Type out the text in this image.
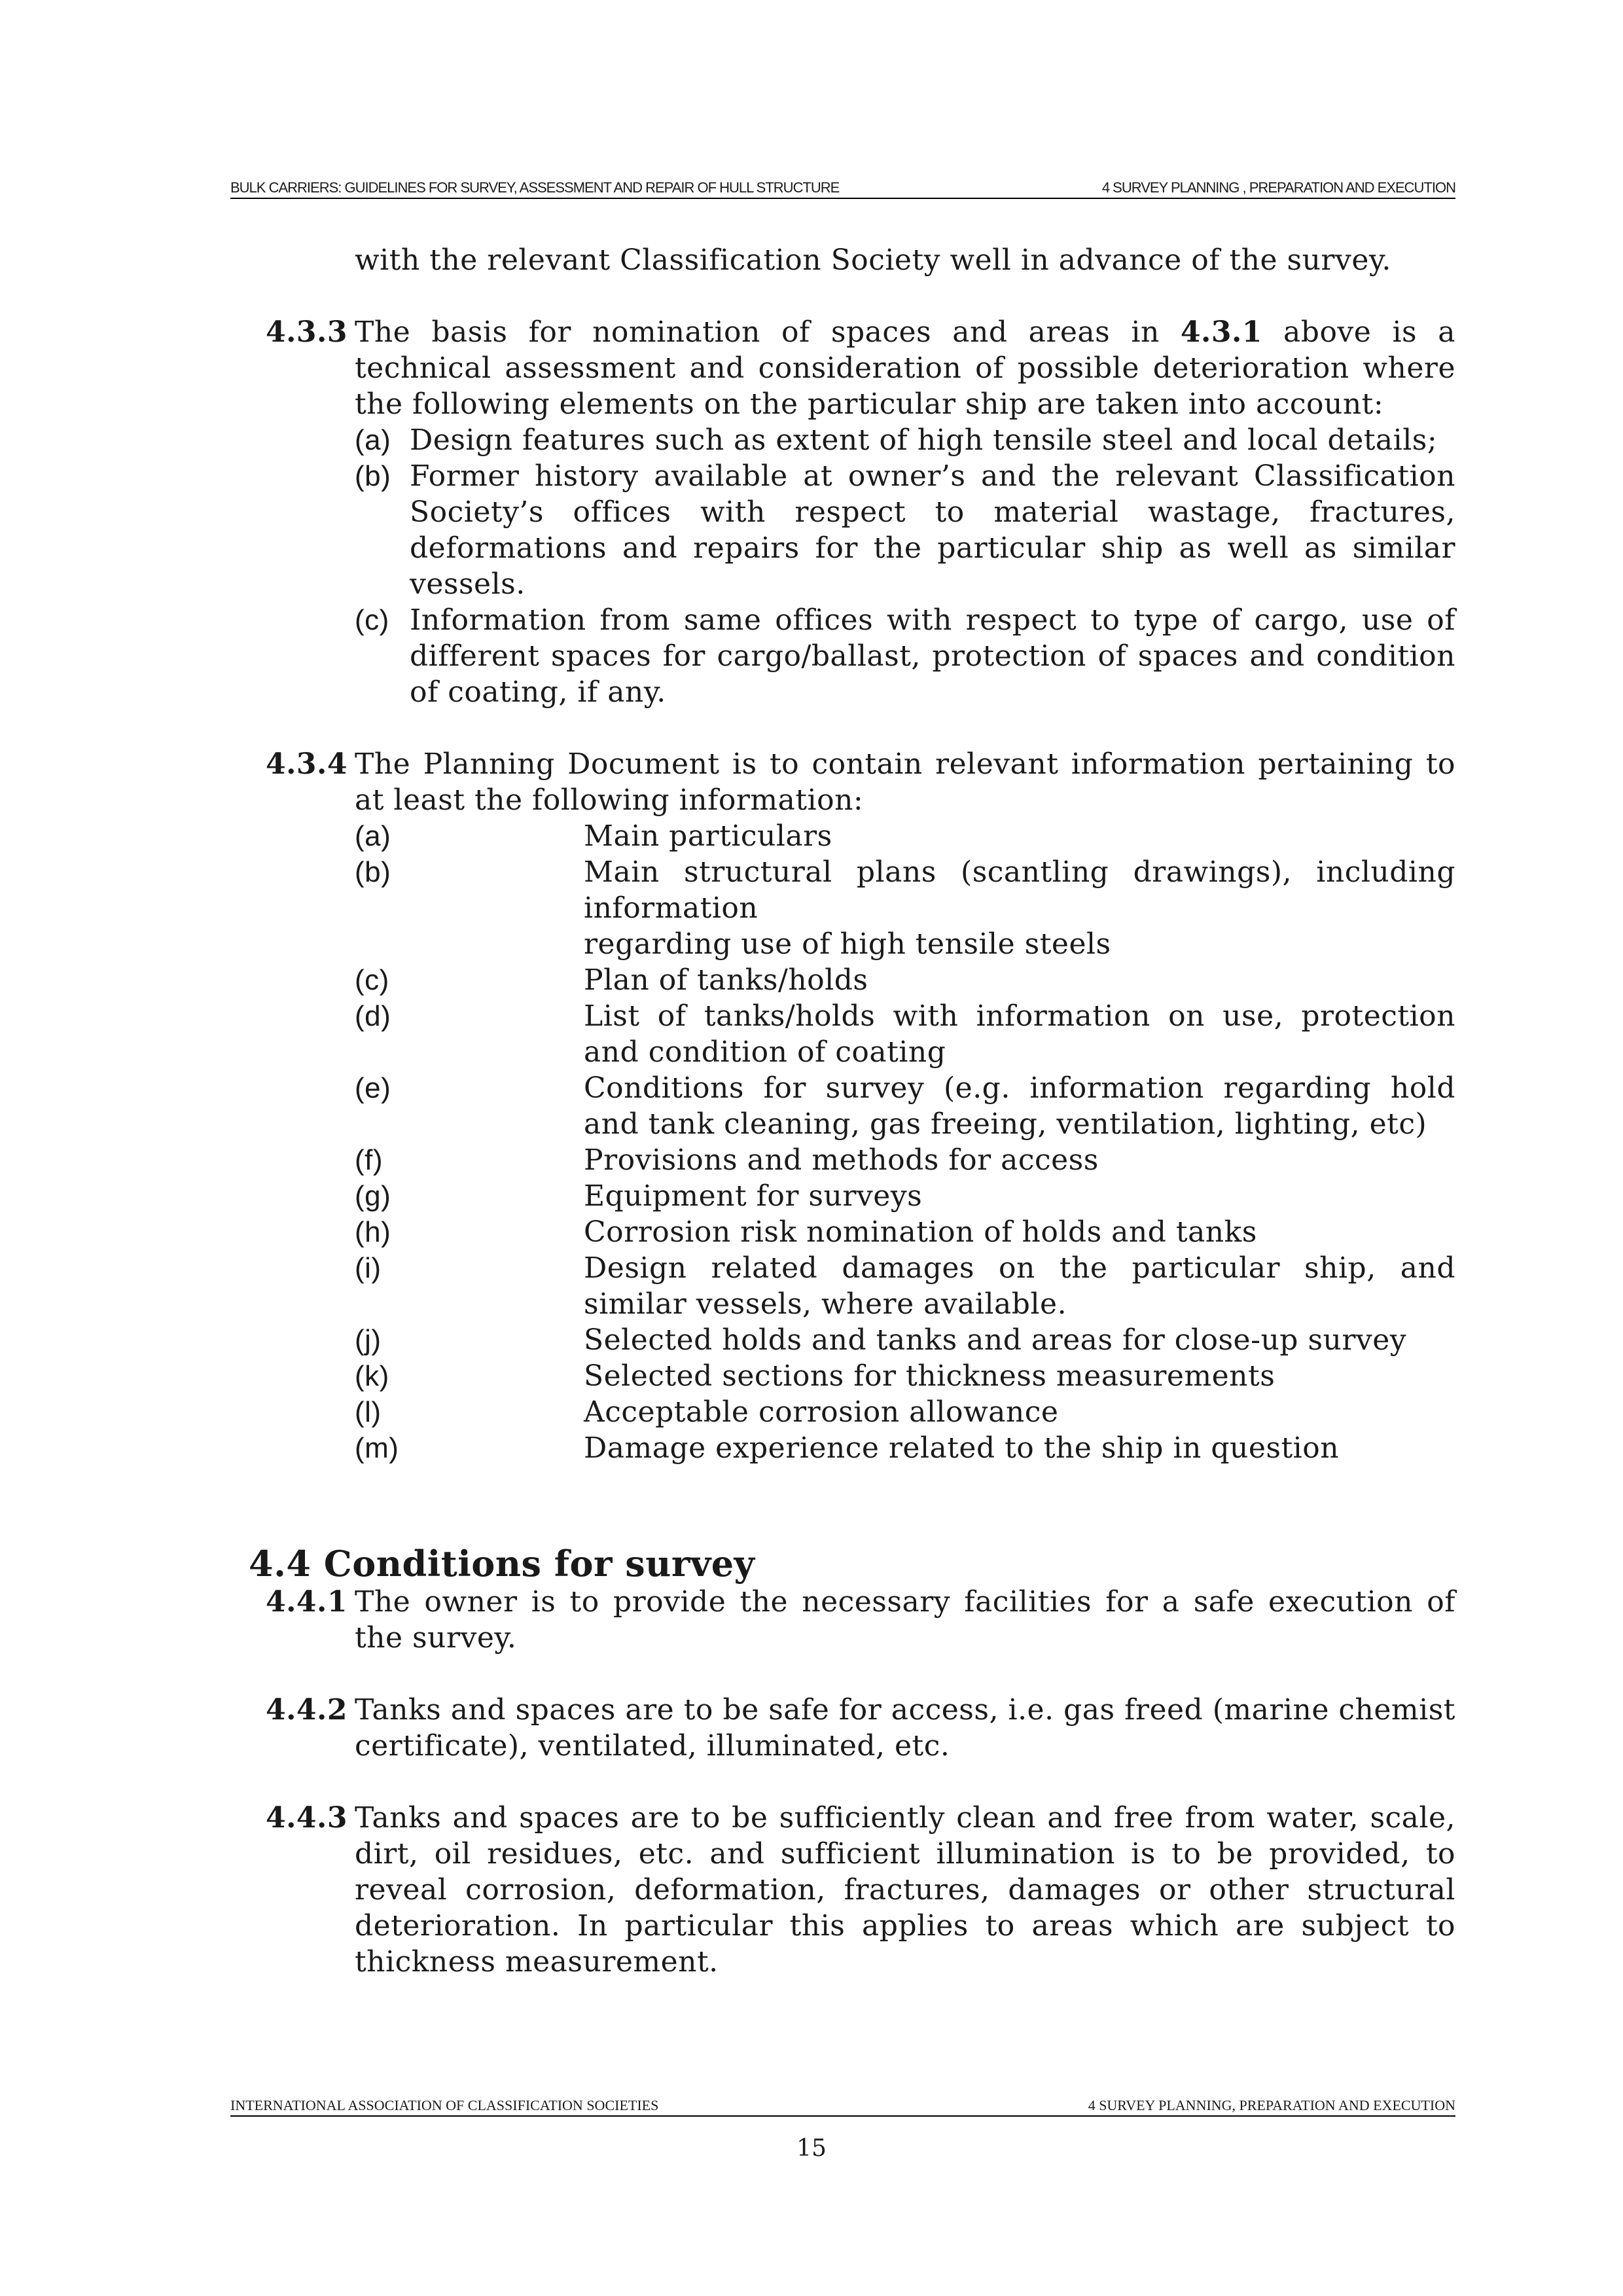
BULK CARRIERS: GUIDELINES FOR SURVEY, ASSESSMENT AND REPAIR OF HULL STRUCTURE	4 SURVEY PLANNING , PREPARATION AND EXECUTION

with the relevant Classification Society well in advance of the survey.

4.3.3 The basis for nomination of spaces and areas in 4.3.1 above is a technical assessment and consideration of possible deterioration where the following elements on the particular ship are taken into account:

(a) Design features such as extent of high tensile steel and local details;

(b) Former history available at owner’s and the relevant Classification Society’s offices with respect to material wastage, fractures, deformations and repairs for the particular ship as well as similar vessels.

(c) Information from same offices with respect to type of cargo, use of different spaces for cargo/ballast, protection of spaces and condition of coating, if any.

4.3.4 The Planning Document is to contain relevant information pertaining to at least the following information:

(a)	Main particulars

(b)	Main structural plans (scantling drawings), including information

regarding use of high tensile steels

(c)	Plan of tanks/holds

(d)	List of tanks/holds with information on use, protection and condition of coating

(e)	Conditions for survey (e.g. information regarding hold and tank cleaning, gas freeing, ventilation, lighting, etc)

(f)	Provisions and methods for access

(g)	Equipment for surveys

(h)	Corrosion risk nomination of holds and tanks

(i)	Design related damages on the particular ship, and similar vessels, where available.

(j)	Selected holds and tanks and areas for close-up survey

(k)	Selected sections for thickness measurements

(l)	Acceptable corrosion allowance

(m)	Damage experience related to the ship in question

4.4 Conditions for survey
4.4.1 The owner is to provide the necessary facilities for a safe execution of the survey.

4.4.2 Tanks and spaces are to be safe for access, i.e. gas freed (marine chemist certificate), ventilated, illuminated, etc.

4.4.3 Tanks and spaces are to be sufficiently clean and free from water, scale, dirt, oil residues, etc. and sufficient illumination is to be provided, to reveal corrosion, deformation, fractures, damages or other structural deterioration. In particular this applies to areas which are subject to thickness measurement.

INTERNATIONAL ASSOCIATION OF CLASSIFICATION SOCIETIES	4 SURVEY PLANNING, PREPARATION AND EXECUTION
15
